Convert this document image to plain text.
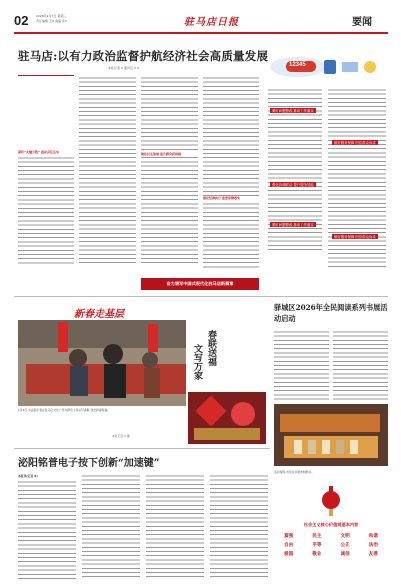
02	2026年1月7日 星期三
责任编辑 王X 美编 李X	驻马店日报	要闻
驻马店:以有力政治监督护航经济社会高质量发展
本报记者 X 通讯员 X X
紧盯“关键少数” 推动责任压实	聚焦民生领域 提升群众获得感
强化纪律执行 监督保障落实
奋力谱写中国式现代化驻马店新篇章
12345
紧盯问题整改 推动工作落实
做好服务保障 回应群众诉求
强化协调联动 提升服务效能
紧盯问题整改 推动工作落实
做好服务保障 回应群众诉求
新春走基层
春联送福
文写万家
1月6日,书法爱好者在驻马店文化广场为群众义务书写春联,送去新春祝福。
本报记者 X 摄
驿城区2026年全民阅读系列书展活动启动
活动现场,市民在书展选购图书。
泌阳铭普电子按下创新“加速键”
本报讯(记者 X)
社会主义核心价值观基本内容
富强	民主	文明	和谐
自由	平等	公正	法治
爱国	敬业	诚信	友善
